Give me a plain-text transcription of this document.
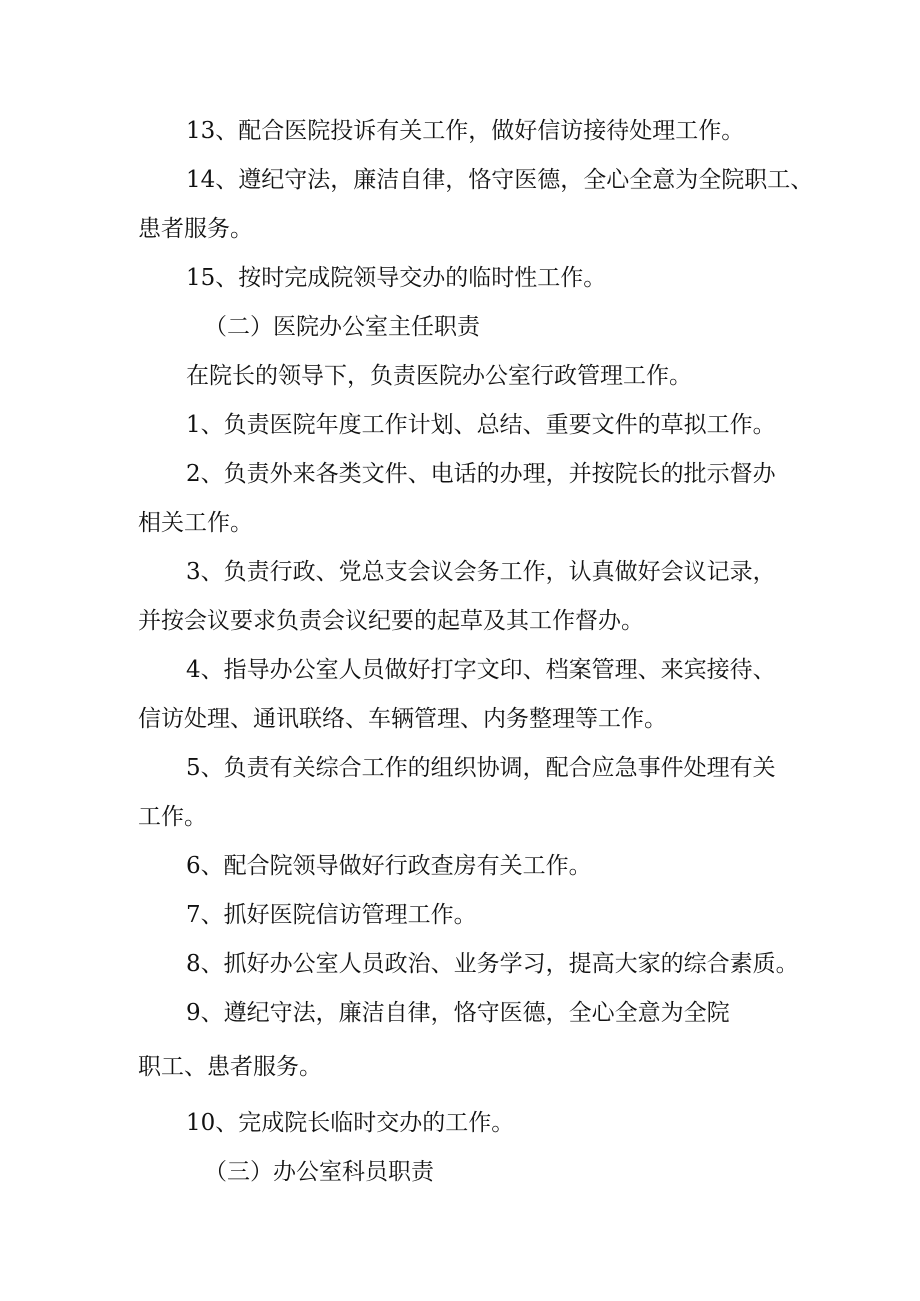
13、配合医院投诉有关工作，做好信访接待处理工作。
14、遵纪守法，廉洁自律，恪守医德，全心全意为全院职工、
患者服务。
15、按时完成院领导交办的临时性工作。
（二）医院办公室主任职责
在院长的领导下，负责医院办公室行政管理工作。
1、负责医院年度工作计划、总结、重要文件的草拟工作。
2、负责外来各类文件、电话的办理，并按院长的批示督办
相关工作。
3、负责行政、党总支会议会务工作，认真做好会议记录，
并按会议要求负责会议纪要的起草及其工作督办。
4、指导办公室人员做好打字文印、档案管理、来宾接待、
信访处理、通讯联络、车辆管理、内务整理等工作。
5、负责有关综合工作的组织协调，配合应急事件处理有关
工作。
6、配合院领导做好行政查房有关工作。
7、抓好医院信访管理工作。
8、抓好办公室人员政治、业务学习，提高大家的综合素质。
9、遵纪守法，廉洁自律，恪守医德，全心全意为全院
职工、患者服务。
10、完成院长临时交办的工作。
（三）办公室科员职责
